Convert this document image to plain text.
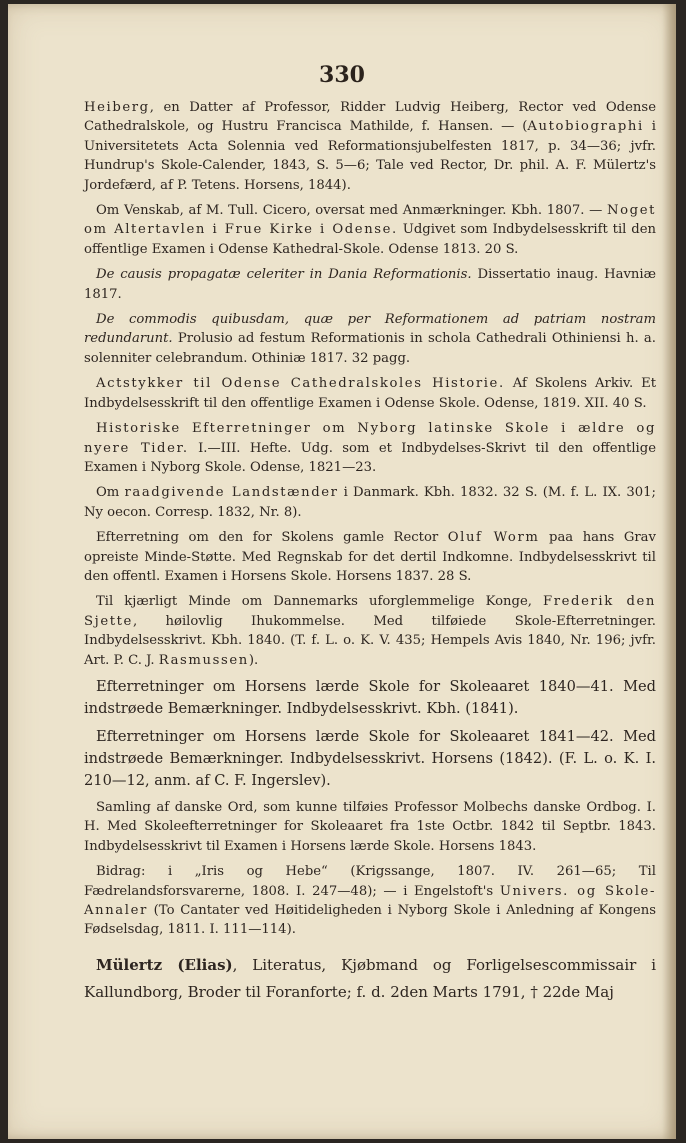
330

Heiberg, en Datter af Professor, Ridder Ludvig Heiberg, Rector ved Odense Cathedralskole, og Hustru Francisca Mathilde, f. Hansen. — (Autobiographi i Universitetets Acta Solennia ved Reformationsjubelfesten 1817, p. 34—36; jvfr. Hundrup's Skole-Calender, 1843, S. 5—6; Tale ved Rector, Dr. phil. A. F. Mülertz's Jordefærd, af P. Tetens. Horsens, 1844).

Om Venskab, af M. Tull. Cicero, oversat med Anmærkninger. Kbh. 1807. — Noget om Altertavlen i Frue Kirke i Odense. Udgivet som Indbydelsesskrift til den offentlige Examen i Odense Kathedral-Skole. Odense 1813. 20 S.

De causis propagatæ celeriter in Dania Reformationis. Dissertatio inaug. Havniæ 1817.

De commodis quibusdam, quæ per Reformationem ad patriam nostram redundarunt. Prolusio ad festum Reformationis in schola Cathedrali Othiniensi h. a. solenniter celebrandum. Othiniæ 1817. 32 pagg.

Actstykker til Odense Cathedralskoles Historie. Af Skolens Arkiv. Et Indbydelsesskrift til den offentlige Examen i Odense Skole. Odense, 1819. XII. 40 S.

Historiske Efterretninger om Nyborg latinske Skole i ældre og nyere Tider. I.—III. Hefte. Udg. som et Indbydelses-Skrivt til den offentlige Examen i Nyborg Skole. Odense, 1821—23.

Om raadgivende Landstænder i Danmark. Kbh. 1832. 32 S. (M. f. L. IX. 301; Ny oecon. Corresp. 1832, Nr. 8).

Efterretning om den for Skolens gamle Rector Oluf Worm paa hans Grav opreiste Minde-Støtte. Med Regnskab for det dertil Indkomne. Indbydelsesskrivt til den offentl. Examen i Horsens Skole. Horsens 1837. 28 S.

Til kjærligt Minde om Dannemarks uforglemmelige Konge, Frederik den Sjette, høilovlig Ihukommelse. Med tilføiede Skole-Efterretninger. Indbydelsesskrivt. Kbh. 1840. (T. f. L. o. K. V. 435; Hempels Avis 1840, Nr. 196; jvfr. Art. P. C. J. Rasmussen).

Efterretninger om Horsens lærde Skole for Skoleaaret 1840—41. Med indstrøede Bemærkninger. Indbydelsesskrivt. Kbh. (1841).

Efterretninger om Horsens lærde Skole for Skoleaaret 1841—42. Med indstrøede Bemærkninger. Indbydelsesskrivt. Horsens (1842). (F. L. o. K. I. 210—12, anm. af C. F. Ingerslev).

Samling af danske Ord, som kunne tilføies Professor Molbechs danske Ordbog. I. H. Med Skoleefterretninger for Skoleaaret fra 1ste Octbr. 1842 til Septbr. 1843. Indbydelsesskrivt til Examen i Horsens lærde Skole. Horsens 1843.

Bidrag: i „Iris og Hebe“ (Krigssange, 1807. IV. 261—65; Til Fædrelandsforsvarerne, 1808. I. 247—48); — i Engelstoft's Univers. og Skole-Annaler (To Cantater ved Høitideligheden i Nyborg Skole i Anledning af Kongens Fødselsdag, 1811. I. 111—114).

Mülertz (Elias), Literatus, Kjøbmand og Forligelsescommissair i Kallundborg, Broder til Foranforte; f. d. 2den Marts 1791, † 22de Maj
